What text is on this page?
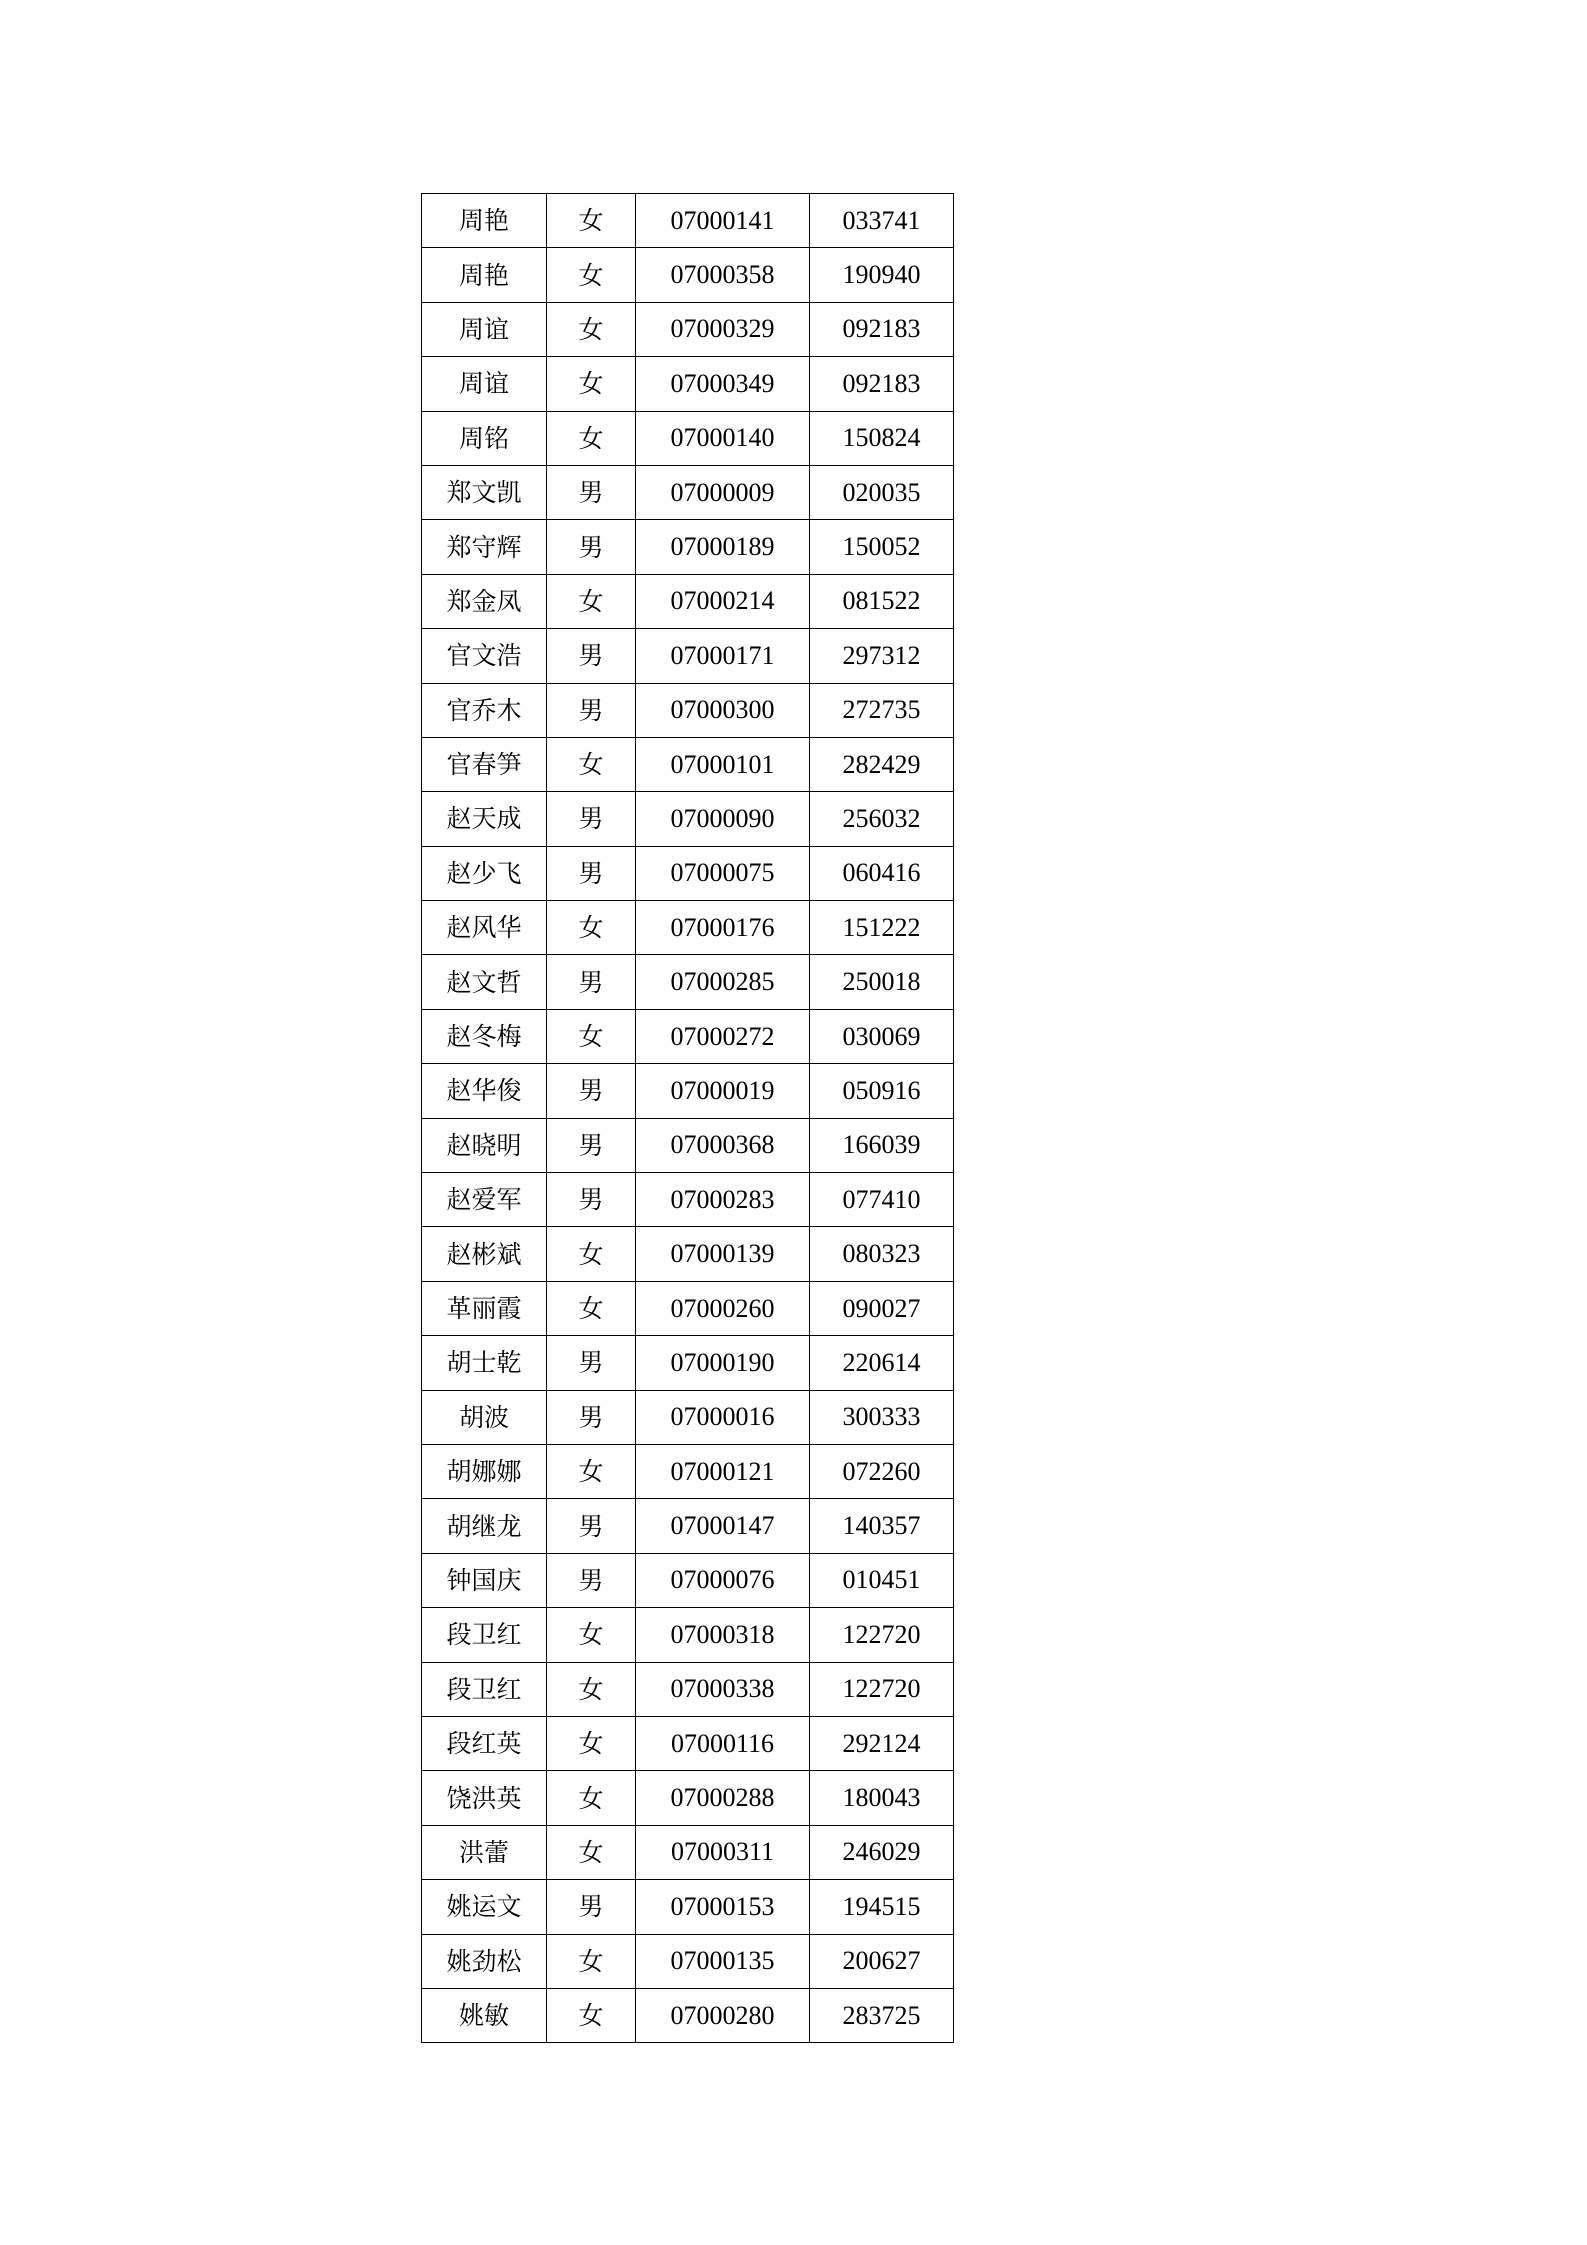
周艳	女	07000141	033741
周艳	女	07000358	190940
周谊	女	07000329	092183
周谊	女	07000349	092183
周铭	女	07000140	150824
郑文凯	男	07000009	020035
郑守辉	男	07000189	150052
郑金凤	女	07000214	081522
官文浩	男	07000171	297312
官乔木	男	07000300	272735
官春笋	女	07000101	282429
赵天成	男	07000090	256032
赵少飞	男	07000075	060416
赵风华	女	07000176	151222
赵文哲	男	07000285	250018
赵冬梅	女	07000272	030069
赵华俊	男	07000019	050916
赵晓明	男	07000368	166039
赵爱军	男	07000283	077410
赵彬斌	女	07000139	080323
革丽霞	女	07000260	090027
胡士乾	男	07000190	220614
胡波	男	07000016	300333
胡娜娜	女	07000121	072260
胡继龙	男	07000147	140357
钟国庆	男	07000076	010451
段卫红	女	07000318	122720
段卫红	女	07000338	122720
段红英	女	07000116	292124
饶洪英	女	07000288	180043
洪蕾	女	07000311	246029
姚运文	男	07000153	194515
姚劲松	女	07000135	200627
姚敏	女	07000280	283725
